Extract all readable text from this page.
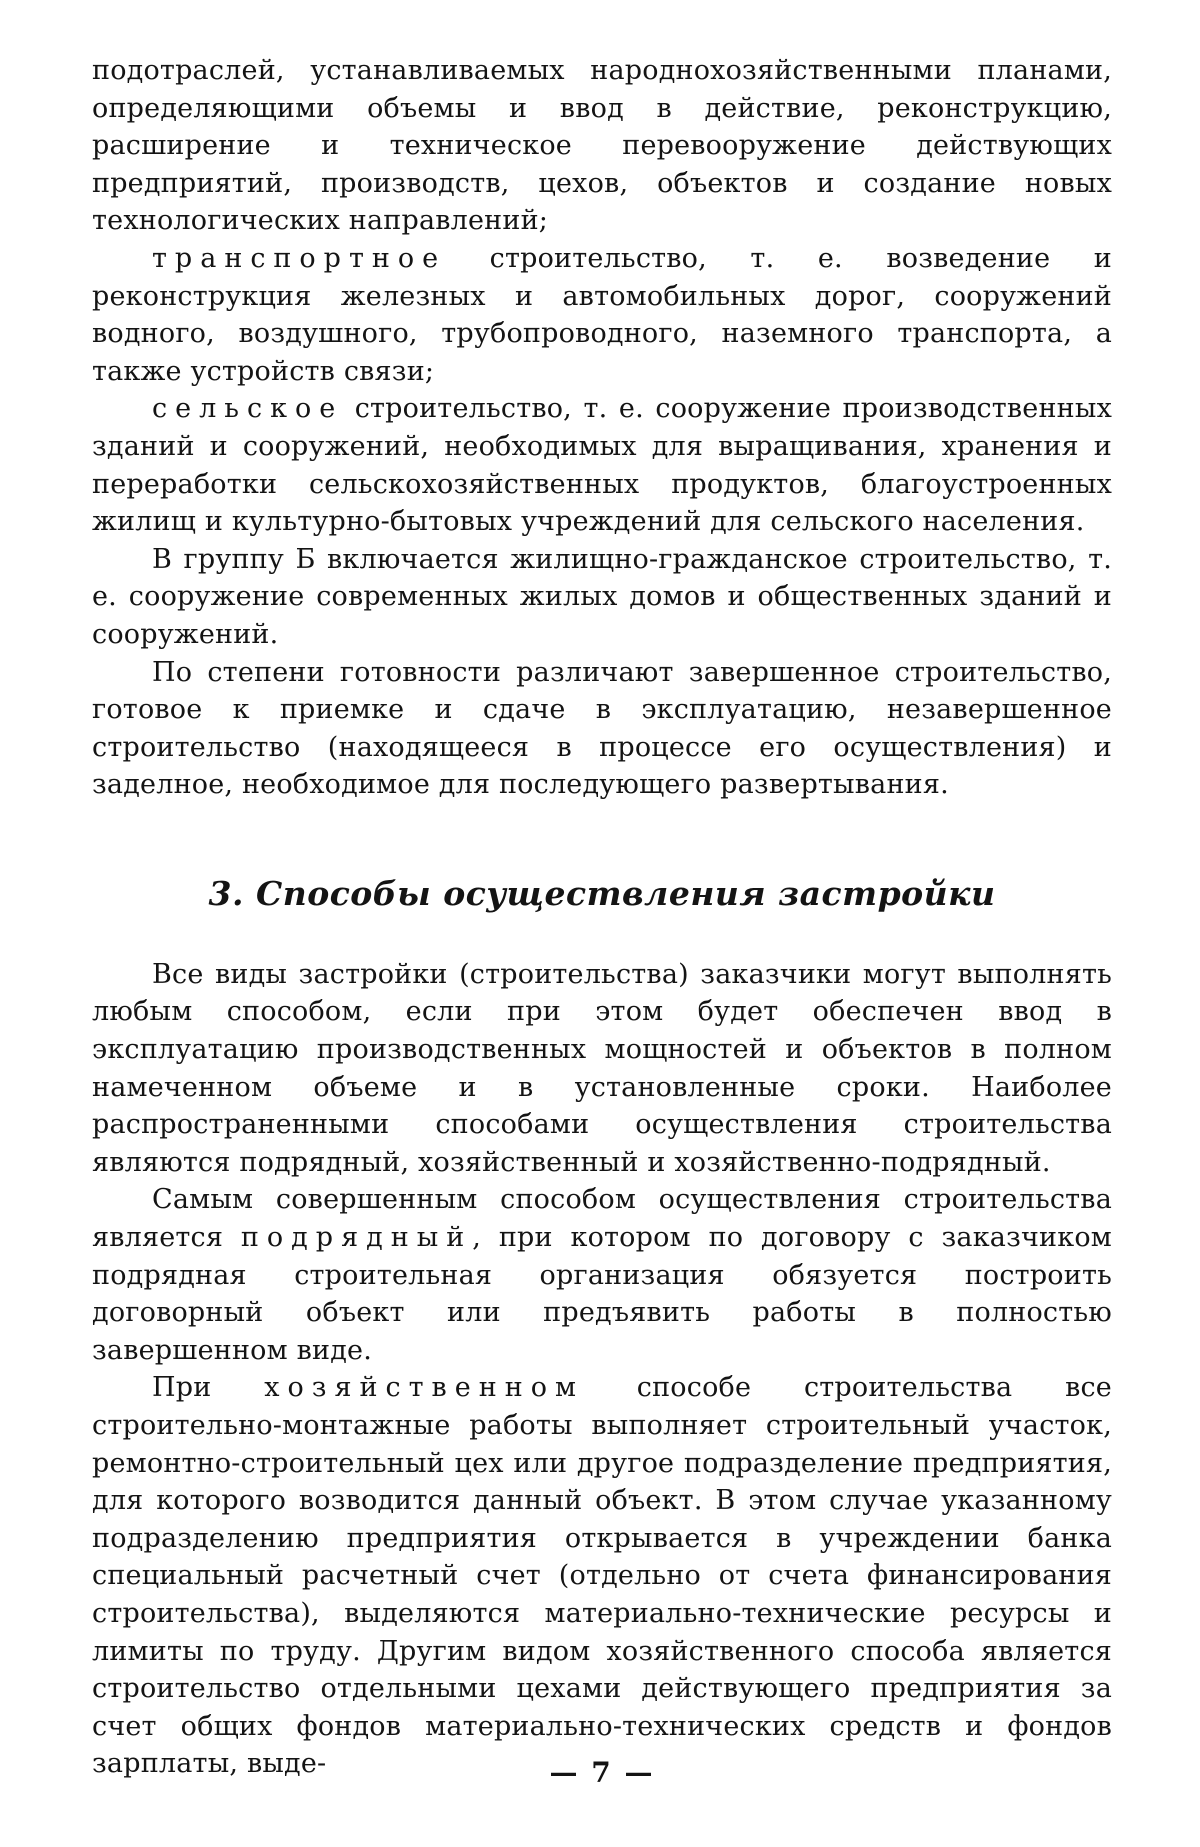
подотраслей, устанавливаемых народнохозяйственными планами, определяющими объемы и ввод в действие, реконструкцию, расширение и техническое перевооружение действующих предприятий, производств, цехов, объектов и создание новых технологических направлений;

транспортное строительство, т. е. возведение и реконструкция железных и автомобильных дорог, сооружений водного, воздушного, трубопроводного, наземного транспорта, а также устройств связи;

сельское строительство, т. е. сооружение производственных зданий и сооружений, необходимых для выращивания, хранения и переработки сельскохозяйственных продуктов, благоустроенных жилищ и культурно-бытовых учреждений для сельского населения.

В группу Б включается жилищно-гражданское строительство, т. е. сооружение современных жилых домов и общественных зданий и сооружений.

По степени готовности различают завершенное строительство, готовое к приемке и сдаче в эксплуатацию, незавершенное строительство (находящееся в процессе его осуществления) и заделное, необходимое для последующего развертывания.

3. Способы осуществления застройки

Все виды застройки (строительства) заказчики могут выполнять любым способом, если при этом будет обеспечен ввод в эксплуатацию производственных мощностей и объектов в полном намеченном объеме и в установленные сроки. Наиболее распространенными способами осуществления строительства являются подрядный, хозяйственный и хозяйственно-подрядный.

Самым совершенным способом осуществления строительства является подрядный, при котором по договору с заказчиком подрядная строительная организация обязуется построить договорный объект или предъявить работы в полностью завершенном виде.

При хозяйственном способе строительства все строительно-монтажные работы выполняет строительный участок, ремонтно-строительный цех или другое подразделение предприятия, для которого возводится данный объект. В этом случае указанному подразделению предприятия открывается в учреждении банка специальный расчетный счет (отдельно от счета финансирования строительства), выделяются материально-технические ресурсы и лимиты по труду. Другим видом хозяйственного способа является строительство отдельными цехами действующего предприятия за счет общих фондов материально-технических средств и фондов зарплаты, выде-	— 7 —
